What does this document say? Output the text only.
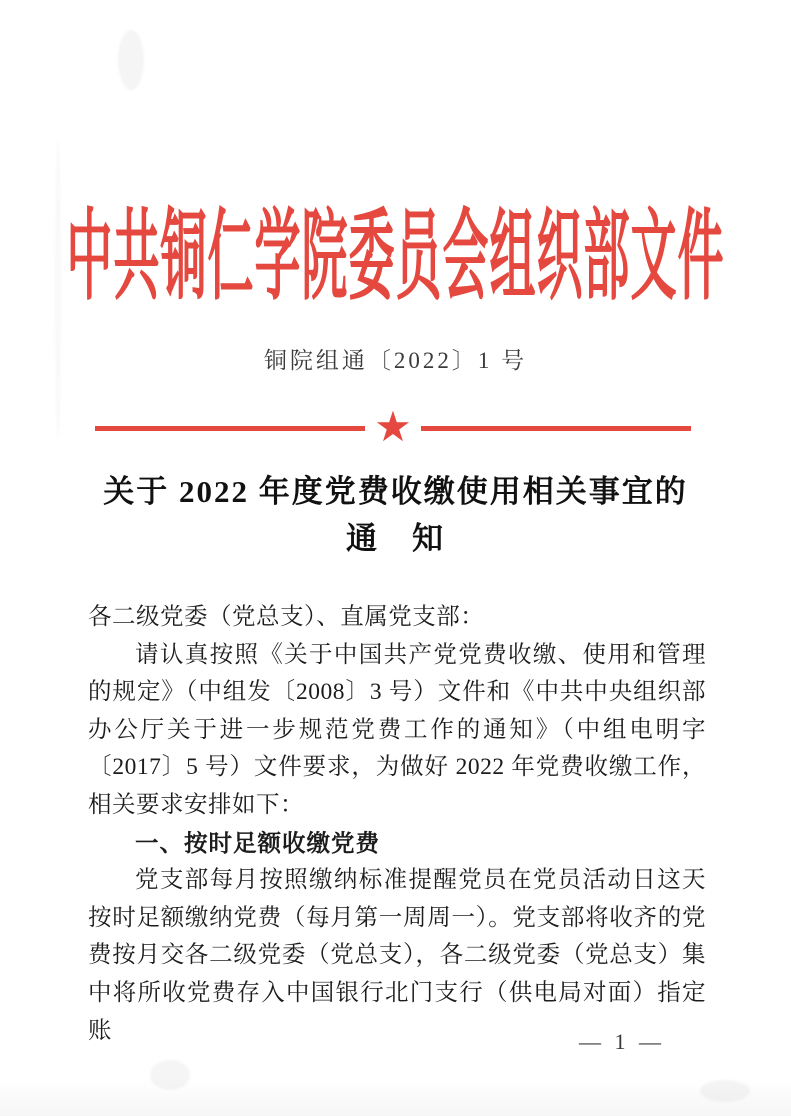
中共铜仁学院委员会组织部文件
铜院组通〔2022〕1 号
★
关于 2022 年度党费收缴使用相关事宜的
通　知

各二级党委（党总支）、直属党支部：

请认真按照《关于中国共产党党费收缴、使用和管理的规定》（中组发〔2008〕3 号）文件和《中共中央组织部办公厅关于进一步规范党费工作的通知》（中组电明字〔2017〕5 号）文件要求，为做好 2022 年党费收缴工作，相关要求安排如下：

一、按时足额收缴党费

党支部每月按照缴纳标准提醒党员在党员活动日这天按时足额缴纳党费（每月第一周周一）。党支部将收齐的党费按月交各二级党委（党总支），各二级党委（党总支）集中将所收党费存入中国银行北门支行（供电局对面）指定账	— 1 —
